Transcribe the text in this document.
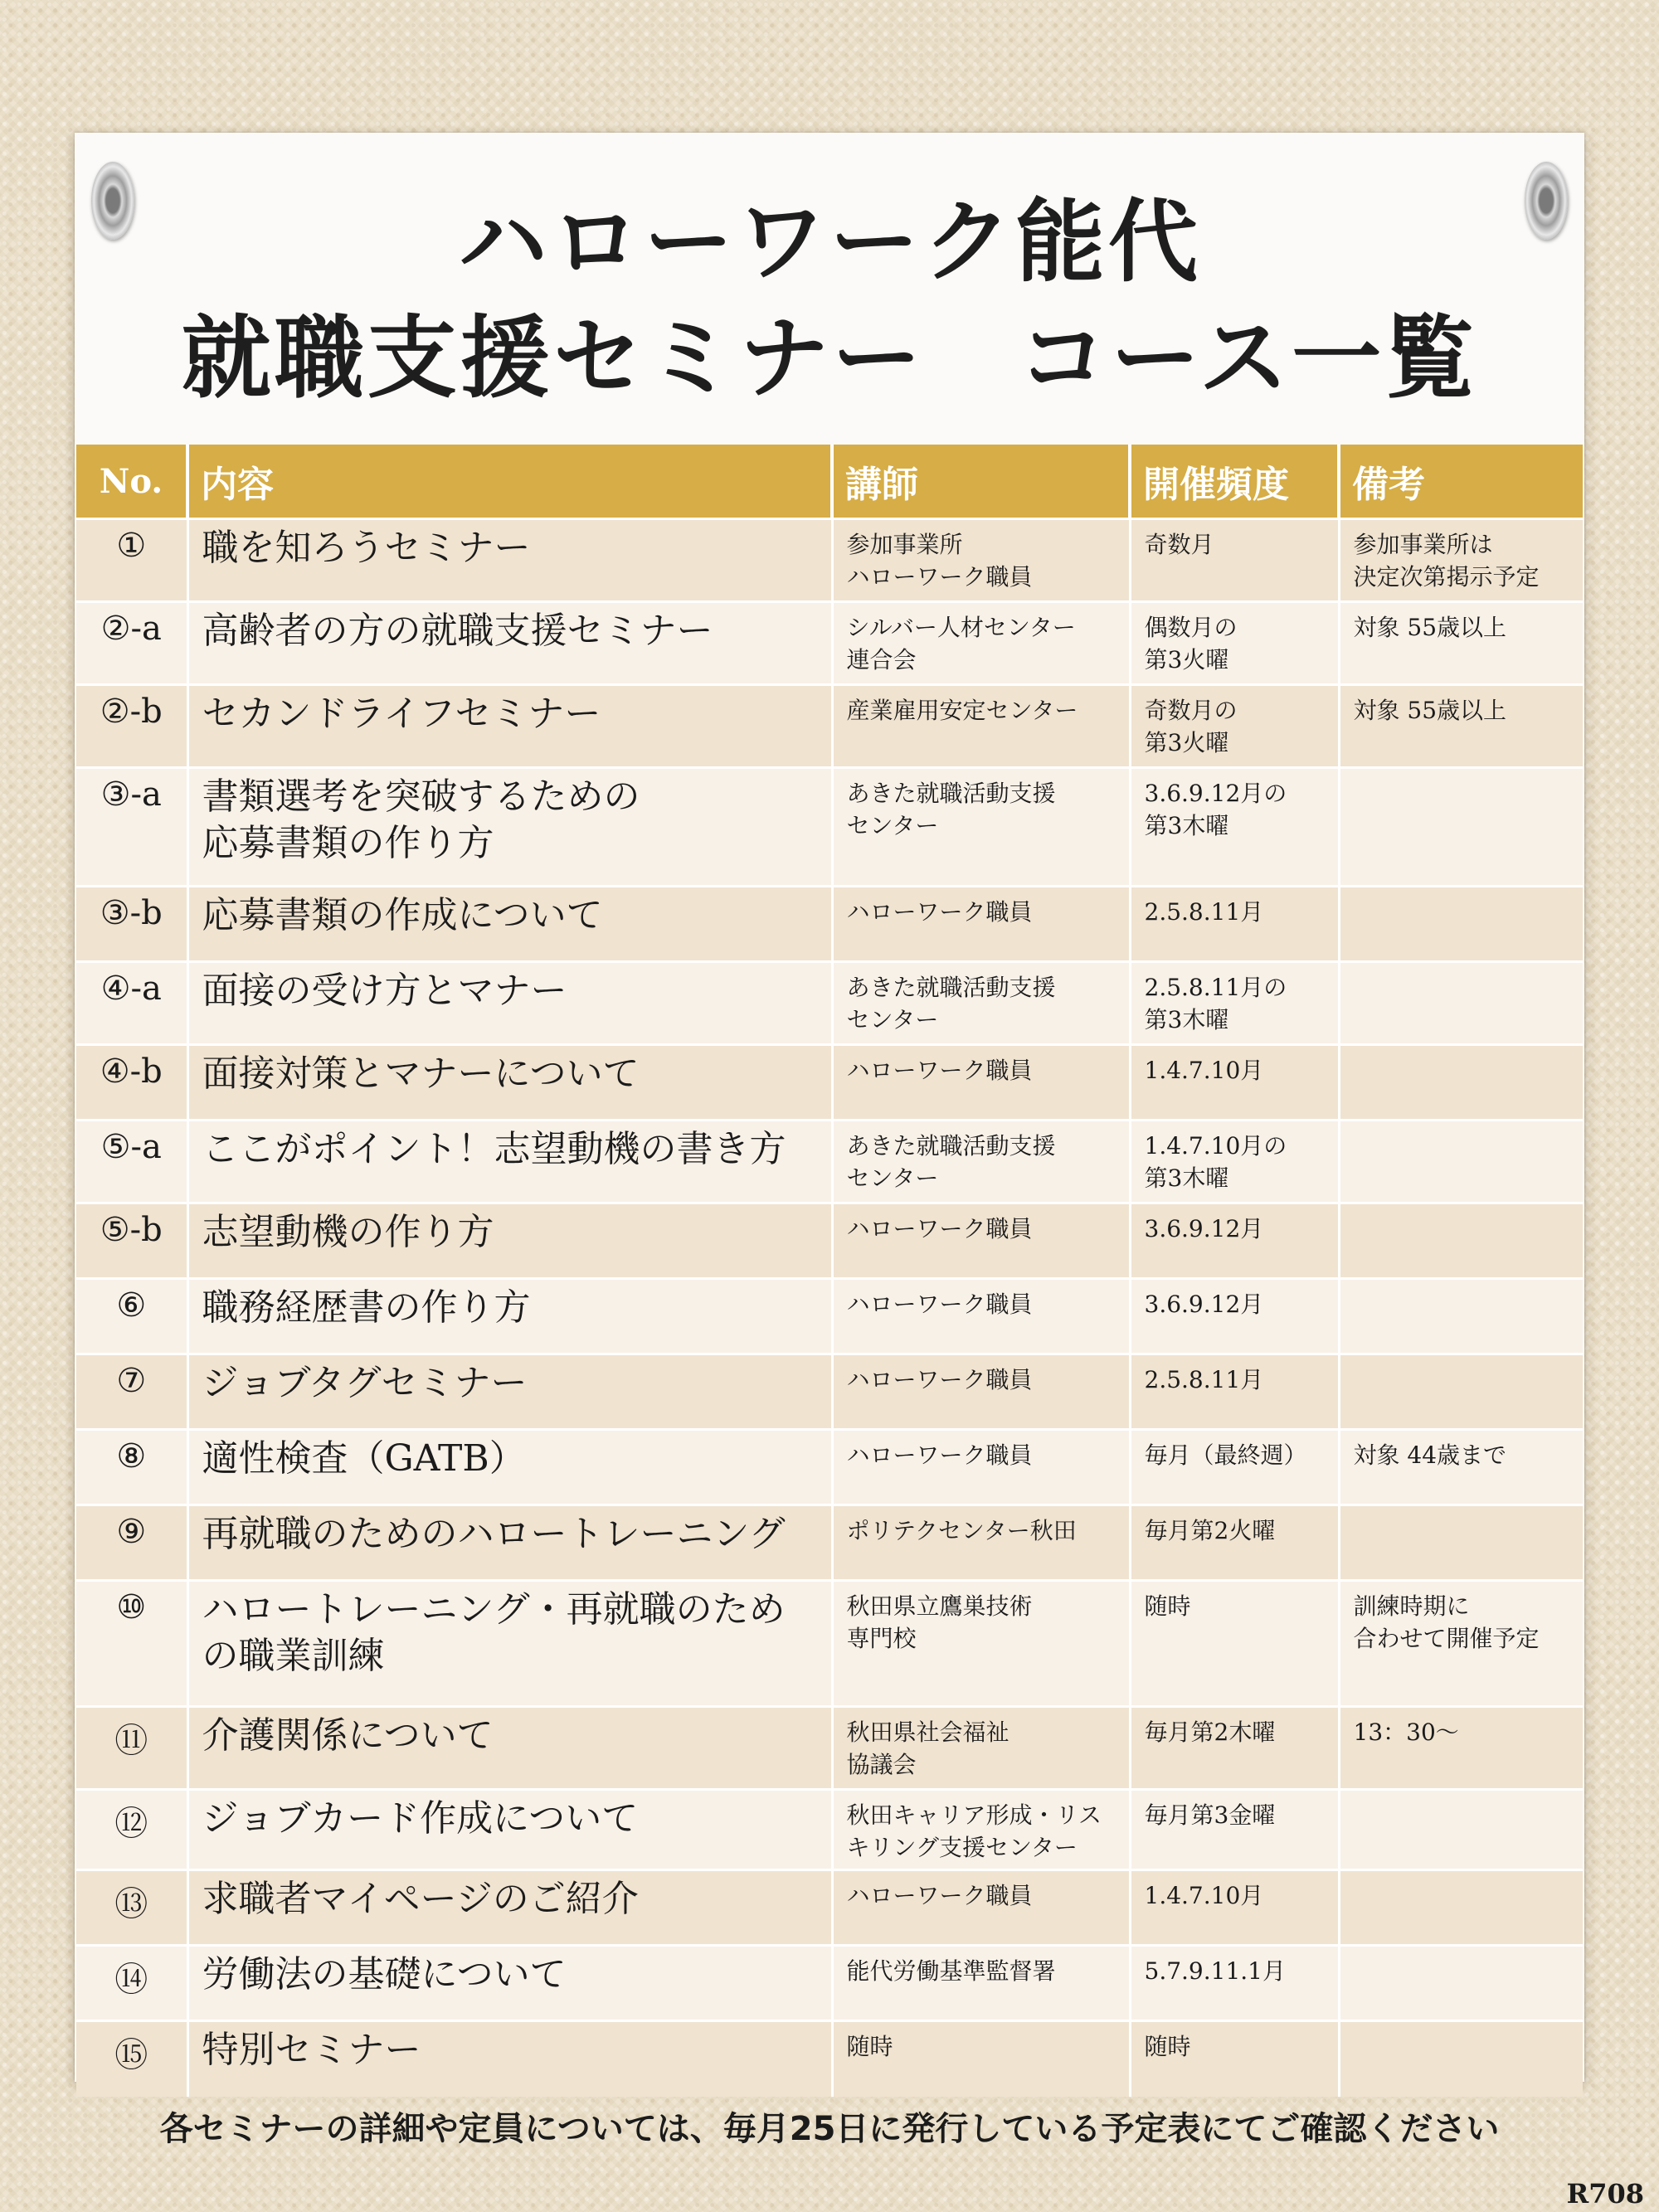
ハローワーク能代
就職支援セミナー　コース一覧
No.	内容	講師	開催頻度	備考
①	職を知ろうセミナー	参加事業所
ハローワーク職員	奇数月	参加事業所は
決定次第掲示予定
②-a	高齢者の方の就職支援セミナー	シルバー人材センター
連合会	偶数月の
第3火曜	対象 55歳以上
②-b	セカンドライフセミナー	産業雇用安定センター	奇数月の
第3火曜	対象 55歳以上
③-a	書類選考を突破するための
応募書類の作り方	あきた就職活動支援
センター	3.6.9.12月の
第3木曜	
③-b	応募書類の作成について	ハローワーク職員	2.5.8.11月	
④-a	面接の受け方とマナー	あきた就職活動支援
センター	2.5.8.11月の
第3木曜	
④-b	面接対策とマナーについて	ハローワーク職員	1.4.7.10月	
⑤-a	ここがポイント！志望動機の書き方	あきた就職活動支援
センター	1.4.7.10月の
第3木曜	
⑤-b	志望動機の作り方	ハローワーク職員	3.6.9.12月	
⑥	職務経歴書の作り方	ハローワーク職員	3.6.9.12月	
⑦	ジョブタグセミナー	ハローワーク職員	2.5.8.11月	
⑧	適性検査（GATB）	ハローワーク職員	毎月（最終週）	対象 44歳まで
⑨	再就職のためのハロートレーニング	ポリテクセンター秋田	毎月第2火曜	
⑩	ハロートレーニング・再就職のため
の職業訓練	秋田県立鷹巣技術
専門校	随時	訓練時期に
合わせて開催予定
⑪	介護関係について	秋田県社会福祉
協議会	毎月第2木曜	13：30～
⑫	ジョブカード作成について	秋田キャリア形成・リス
キリング支援センター	毎月第3金曜	
⑬	求職者マイページのご紹介	ハローワーク職員	1.4.7.10月	
⑭	労働法の基礎について	能代労働基準監督署	5.7.9.11.1月	
⑮	特別セミナー	随時	随時	

各セミナーの詳細や定員については、毎月25日に発行している予定表にてご確認ください

R708
